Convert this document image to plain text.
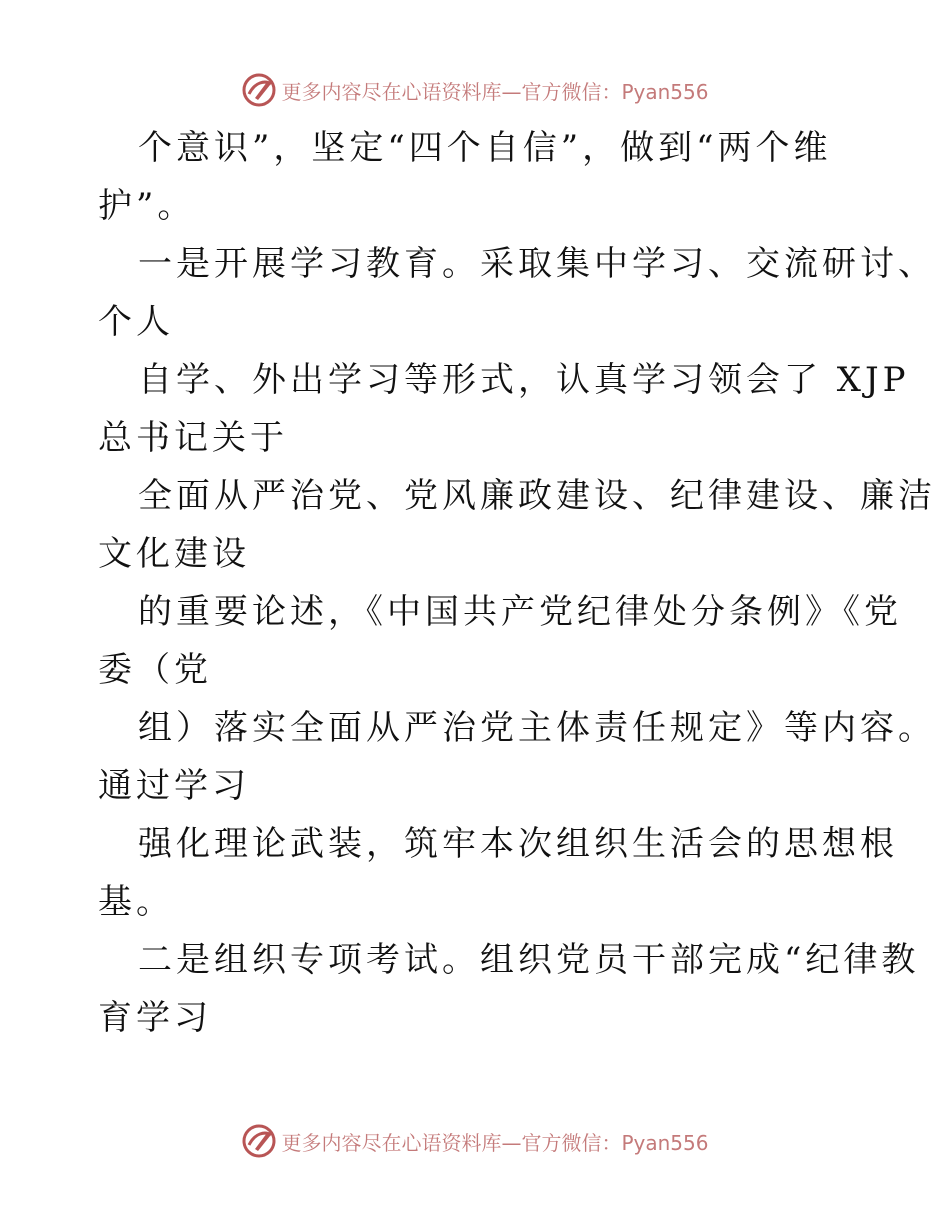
更多内容尽在心语资料库—官方微信：Pyan556
个意识”，坚定“四个自信”，做到“两个维
护”。
一是开展学习教育。采取集中学习、交流研讨、
个人
自学、外出学习等形式，认真学习领会了 XJP
总书记关于
全面从严治党、党风廉政建设、纪律建设、廉洁
文化建设
的重要论述，《中国共产党纪律处分条例》《党
委（党
组）落实全面从严治党主体责任规定》等内容。
通过学习
强化理论武装，筑牢本次组织生活会的思想根
基。
二是组织专项考试。组织党员干部完成“纪律教
育学习
更多内容尽在心语资料库—官方微信：Pyan556
